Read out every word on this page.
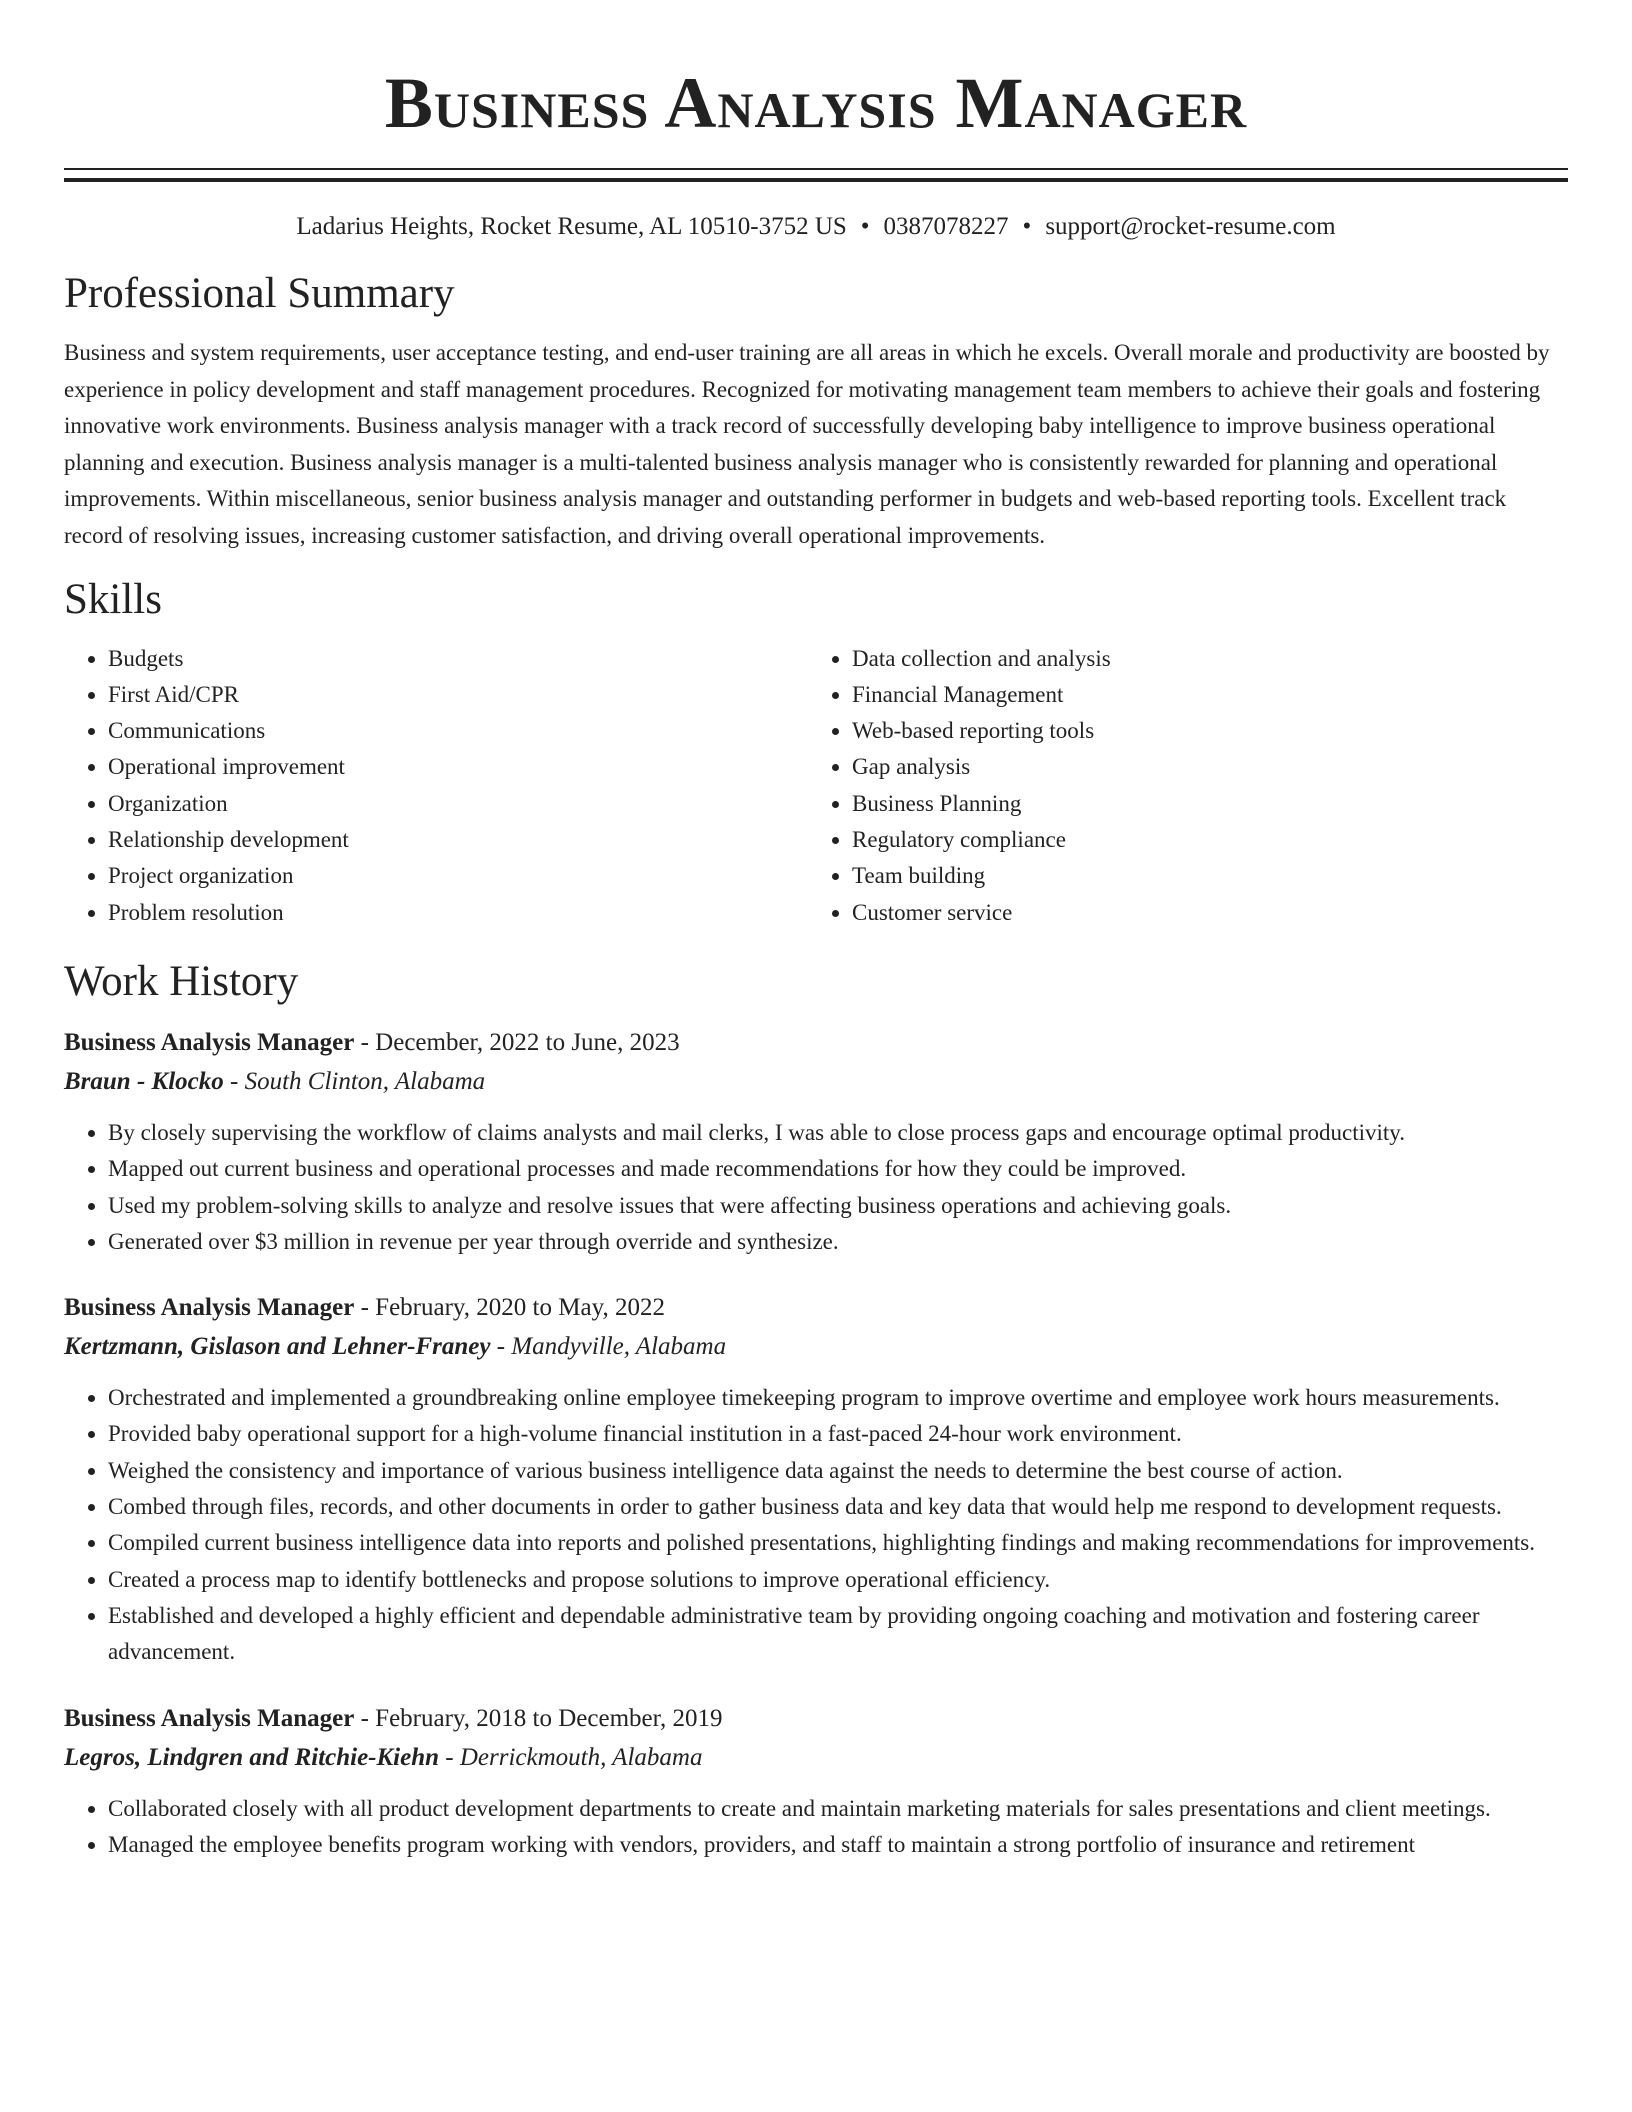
Business Analysis Manager
Ladarius Heights, Rocket Resume, AL 10510-3752 US • 0387078227 • support@rocket-resume.com
Professional Summary

Business and system requirements, user acceptance testing, and end-user training are all areas in which he excels. Overall morale and productivity are boosted by experience in policy development and staff management procedures. Recognized for motivating management team members to achieve their goals and fostering innovative work environments. Business analysis manager with a track record of successfully developing baby intelligence to improve business operational planning and execution. Business analysis manager is a multi-talented business analysis manager who is consistently rewarded for planning and operational improvements. Within miscellaneous, senior business analysis manager and outstanding performer in budgets and web-based reporting tools. Excellent track record of resolving issues, increasing customer satisfaction, and driving overall operational improvements.

Skills
• Budgets
• First Aid/CPR
• Communications
• Operational improvement
• Organization
• Relationship development
• Project organization
• Problem resolution
• Data collection and analysis
• Financial Management
• Web-based reporting tools
• Gap analysis
• Business Planning
• Regulatory compliance
• Team building
• Customer service
Work History
Business Analysis Manager - December, 2022 to June, 2023
Braun - Klocko - South Clinton, Alabama
• By closely supervising the workflow of claims analysts and mail clerks, I was able to close process gaps and encourage optimal productivity.
• Mapped out current business and operational processes and made recommendations for how they could be improved.
• Used my problem-solving skills to analyze and resolve issues that were affecting business operations and achieving goals.
• Generated over $3 million in revenue per year through override and synthesize.
Business Analysis Manager - February, 2020 to May, 2022
Kertzmann, Gislason and Lehner-Franey - Mandyville, Alabama
• Orchestrated and implemented a groundbreaking online employee timekeeping program to improve overtime and employee work hours measurements.
• Provided baby operational support for a high-volume financial institution in a fast-paced 24-hour work environment.
• Weighed the consistency and importance of various business intelligence data against the needs to determine the best course of action.
• Combed through files, records, and other documents in order to gather business data and key data that would help me respond to development requests.
• Compiled current business intelligence data into reports and polished presentations, highlighting findings and making recommendations for improvements.
• Created a process map to identify bottlenecks and propose solutions to improve operational efficiency.
• Established and developed a highly efficient and dependable administrative team by providing ongoing coaching and motivation and fostering career advancement.
Business Analysis Manager - February, 2018 to December, 2019
Legros, Lindgren and Ritchie-Kiehn - Derrickmouth, Alabama
• Collaborated closely with all product development departments to create and maintain marketing materials for sales presentations and client meetings.
• Managed the employee benefits program working with vendors, providers, and staff to maintain a strong portfolio of insurance and retirement
